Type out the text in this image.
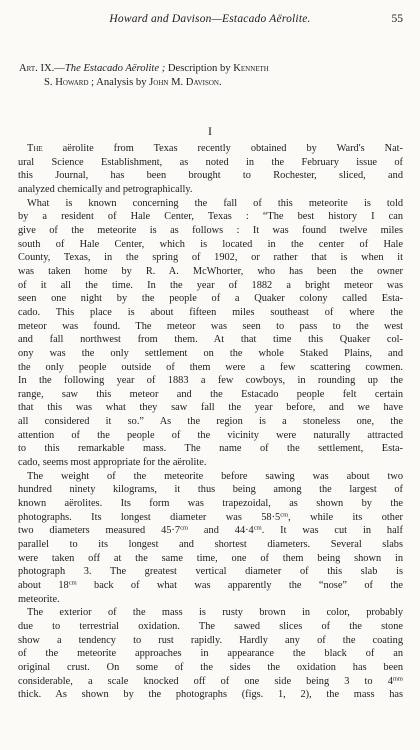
Howard and Davison—Estacado Aërolite.	55
Art. IX.—The Estacado Aërolite ; Description by Kenneth
S. Howard ; Analysis by John M. Davison.
I
The aërolite from Texas recently obtained by Ward's Nat-
ural Science Establishment, as noted in the February issue of
this Journal, has been brought to Rochester, sliced, and
analyzed chemically and petrographically.
What is known concerning the fall of this meteorite is told
by a resident of Hale Center, Texas : “The best history I can
give of the meteorite is as follows : It was found twelve miles
south of Hale Center, which is located in the center of Hale
County, Texas, in the spring of 1902, or rather that is when it
was taken home by R. A. McWhorter, who has been the owner
of it all the time. In the year of 1882 a bright meteor was
seen one night by the people of a Quaker colony called Esta-
cado. This place is about fifteen miles southeast of where the
meteor was found. The meteor was seen to pass to the west
and fall northwest from them. At that time this Quaker col-
ony was the only settlement on the whole Staked Plains, and
the only people outside of them were a few scattering cowmen.
In the following year of 1883 a few cowboys, in rounding up the
range, saw this meteor and the Estacado people felt certain
that this was what they saw fall the year before, and we have
all considered it so.” As the region is a stoneless one, the
attention of the people of the vicinity were naturally attracted
to this remarkable mass. The name of the settlement, Esta-
cado, seems most appropriate for the aërolite.
The weight of the meteorite before sawing was about two
hundred ninety kilograms, it thus being among the largest of
known aërolites. Its form was trapezoidal, as shown by the
photographs. Its longest diameter was $58\cdot 5^{cm}$, while its other
two diameters measured $45\cdot 7^{cm}$ and $44\cdot 4^{cm}$. It was cut in half
parallel to its longest and shortest diameters. Several slabs
were taken off at the same time, one of them being shown in
photograph 3. The greatest vertical diameter of this slab is
about $18^{cm}$ back of what was apparently the “nose” of the
meteorite.
The exterior of the mass is rusty brown in color, probably
due to terrestrial oxidation. The sawed slices of the stone
show a tendency to rust rapidly. Hardly any of the coating
of the meteorite approaches in appearance the black of an
original crust. On some of the sides the oxidation has been
considerable, a scale knocked off of one side being 3 to $4^{mm}$
thick. As shown by the photographs (figs. 1, 2), the mass has
